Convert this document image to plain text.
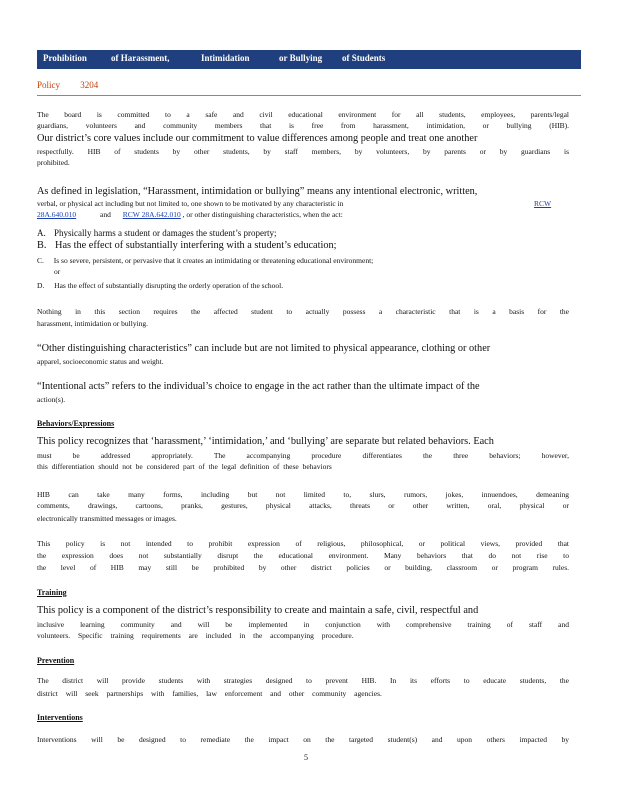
Prohibition	of Harassment,	Intimidation	or Bullying of Students
Policy 3204
The board is committed to a safe and civil educational environment for all students, employees, parents/legal
guardians, volunteers and community members that is free from harassment, intimidation, or bullying (HIB).
Our district’s core values include our commitment to value differences among people and treat one another
respectfully. HIB of students by other students, by staff members, by volunteers, by parents or by guardians is
prohibited.
As defined in legislation, “Harassment, intimidation or bullying” means any intentional electronic, written,
verbal, or physical act including but not limited to, one shown to be motivated by any characteristic in	RCW
28A.640.010	and RCW 28A.642.010 , or other distinguishing characteristics, when the act:
A. Physically harms a student or damages the student’s property;
B. Has the effect of substantially interfering with a student’s education;
C. Is so severe, persistent, or pervasive that it creates an intimidating or threatening educational environment;
or
D. Has the effect of substantially disrupting the orderly operation of the school.
Nothing in this section requires the affected student to actually possess a characteristic that is a basis for the
harassment, intimidation or bullying.
“Other distinguishing characteristics” can include but are not limited to physical appearance, clothing or other
apparel, socioeconomic status and weight.
“Intentional acts” refers to the individual’s choice to engage in the act rather than the ultimate impact of the
action(s).
Behaviors/Expressions
This policy recognizes that ‘harassment,’ ‘intimidation,’ and ‘bullying’ are separate but related behaviors. Each
must be addressed appropriately. The accompanying procedure differentiates the three behaviors; however,
this differentiation should not be considered part of the legal definition of these behaviors
HIB can take many forms, including but not limited to, slurs, rumors, jokes, innuendoes, demeaning
comments, drawings, cartoons, pranks, gestures, physical attacks, threats or other written, oral, physical or
electronically transmitted messages or images.
This policy is not intended to prohibit expression of religious, philosophical, or political views, provided that
the expression does not substantially disrupt the educational environment. Many behaviors that do not rise to
the level of HIB may still be prohibited by other district policies or building, classroom or program rules.
Training
This policy is a component of the district’s responsibility to create and maintain a safe, civil, respectful and
inclusive learning community and will be implemented in conjunction with comprehensive training of staff and
volunteers. Specific training requirements are included in the accompanying procedure.
Prevention
The district will provide students with strategies designed to prevent HIB. In its efforts to educate students, the
district will seek partnerships with families, law enforcement and other community agencies.
Interventions
Interventions will be designed to remediate the impact on the targeted student(s) and upon others impacted by
5
